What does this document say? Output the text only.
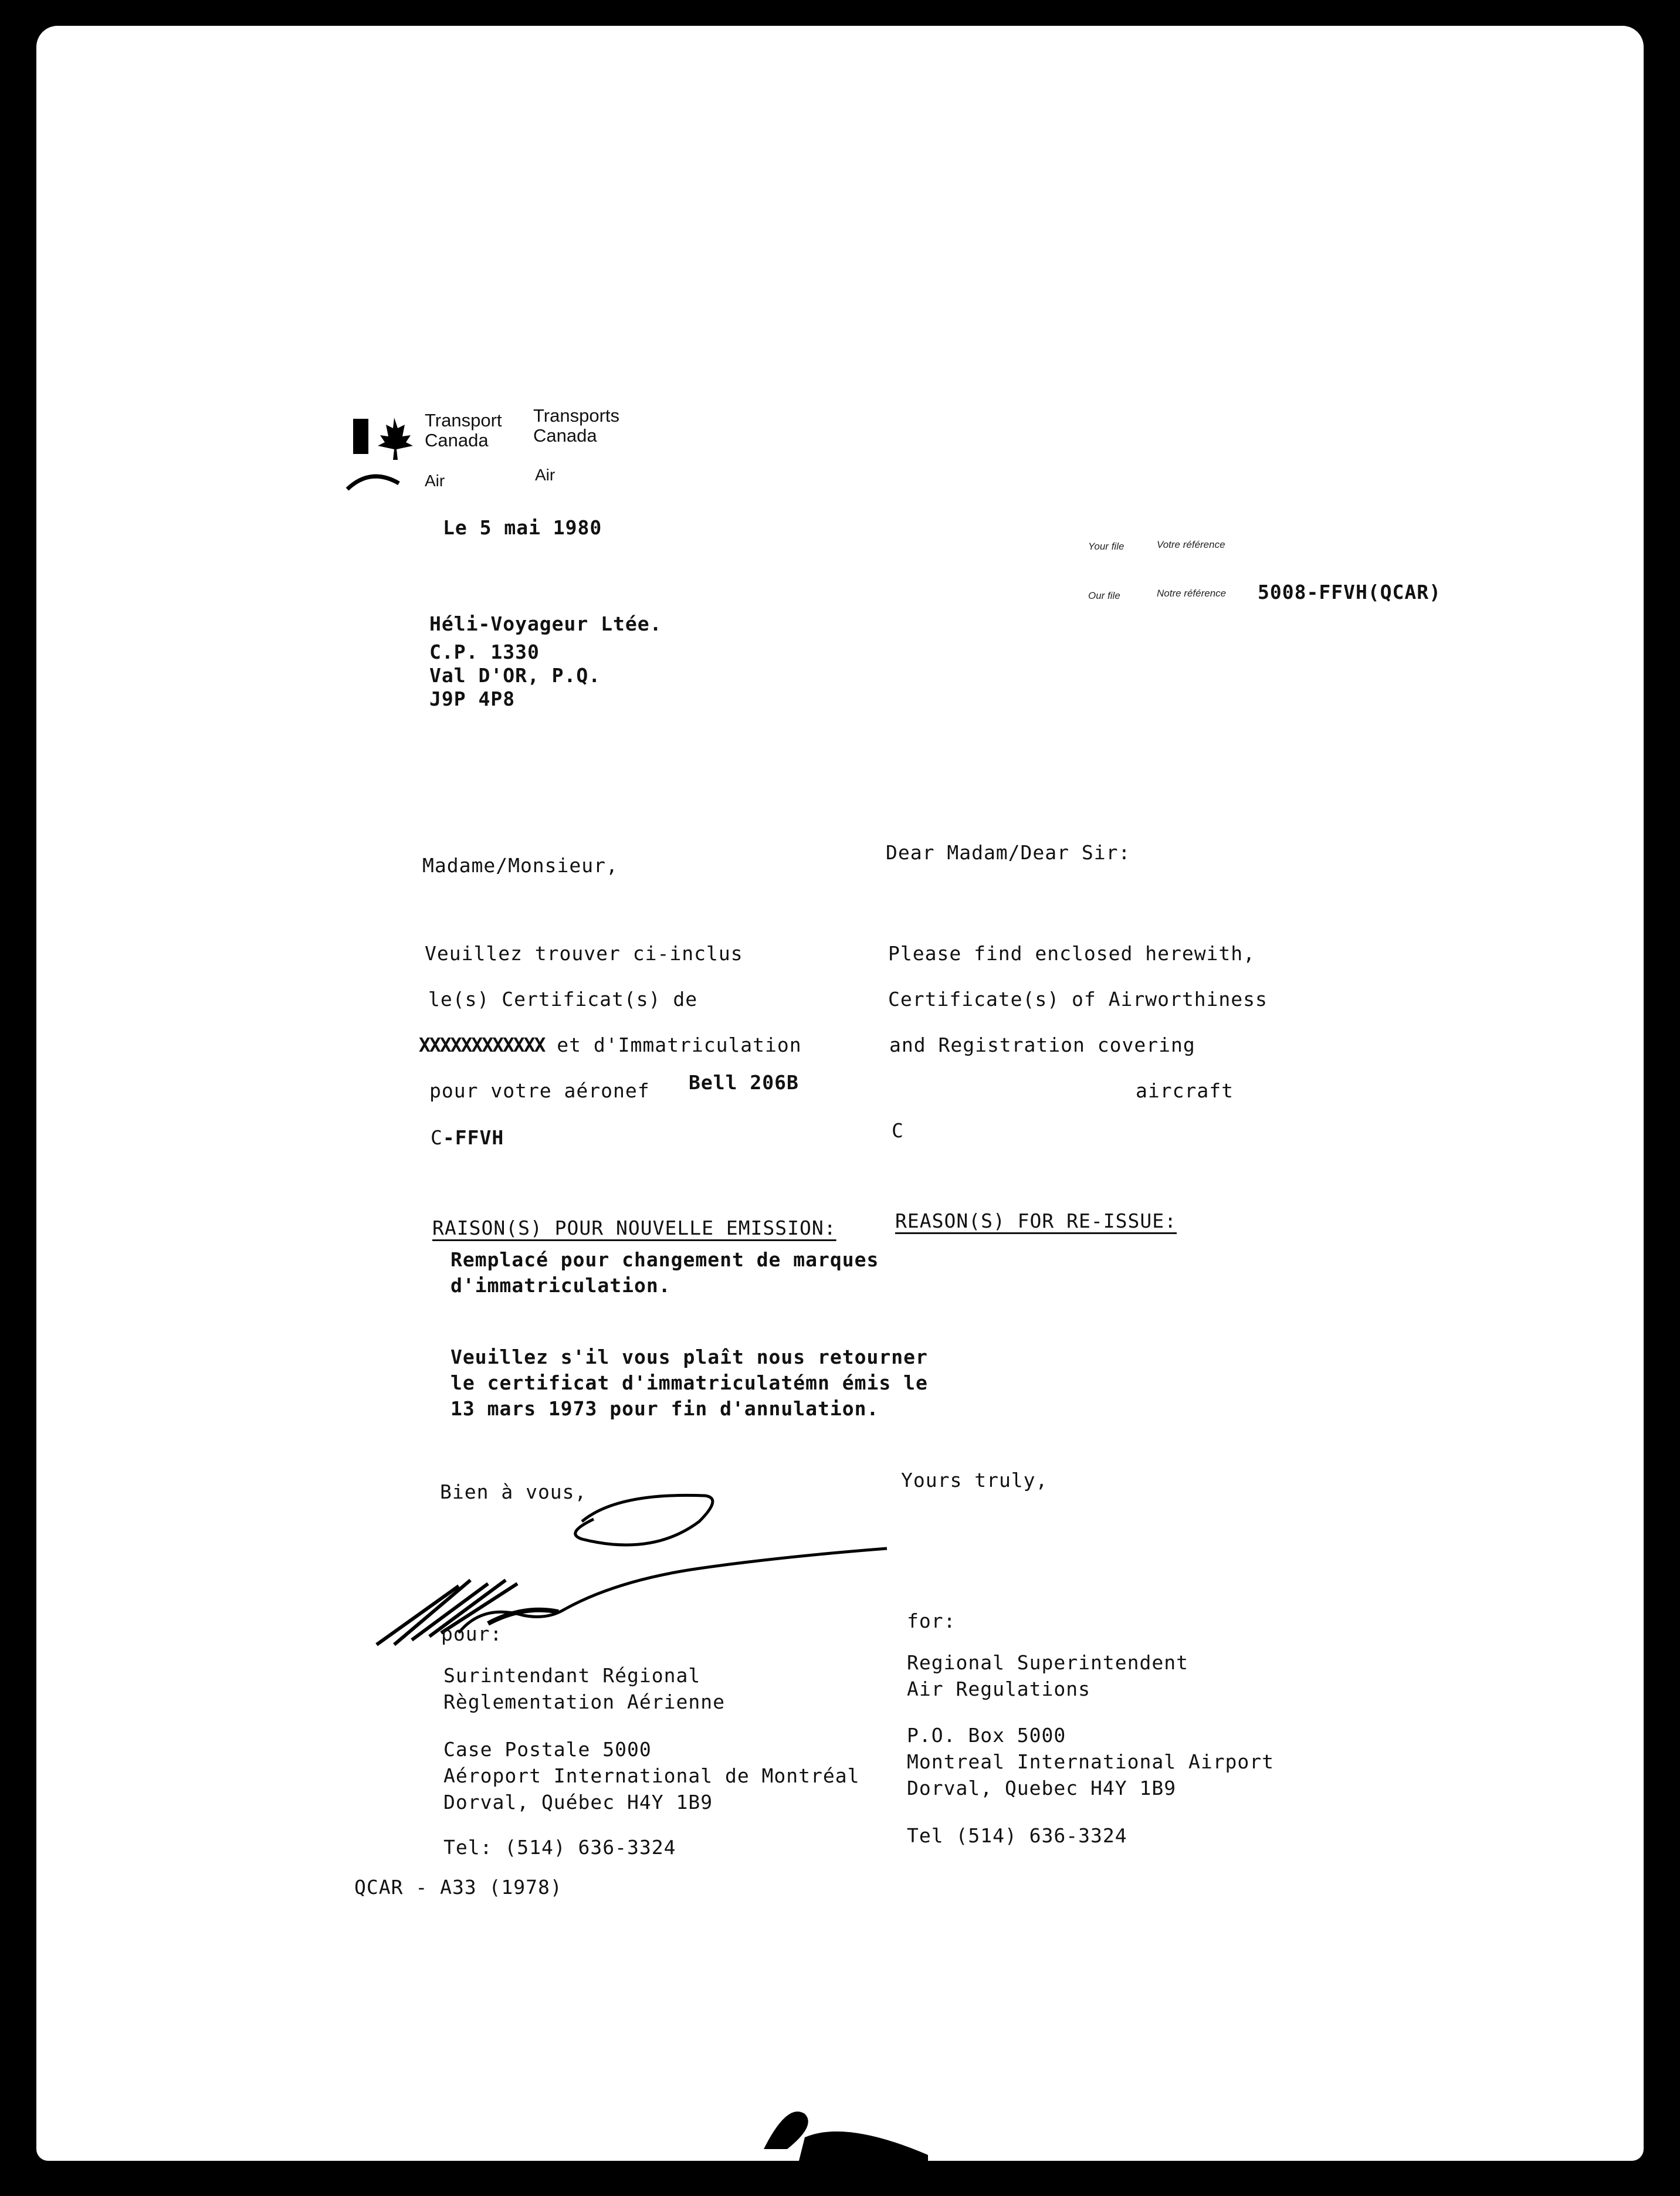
Transport
Canada
Transports
Canada
Air	Air
Le 5 mai 1980
Your file	Votre référence
Our file	Notre référence 5008-FFVH(QCAR)
Héli-Voyageur Ltée.
C.P. 1330
Val D'OR, P.Q.
J9P 4P8
Madame/Monsieur,
Dear Madam/Dear Sir:
Veuillez trouver ci-inclus
le(s) Certificat(s) de
XXXXXXXXXXXX et d'Immatriculation
pour votre aéronef Bell 206B
C-FFVH
Please find enclosed herewith,
Certificate(s) of Airworthiness
and Registration covering
aircraft
C
RAISON(S) POUR NOUVELLE EMISSION:	REASON(S) FOR RE-ISSUE:
Remplacé pour changement de marques
d'immatriculation.
Veuillez s'il vous plaît nous retourner
le certificat d'immatriculatémn émis le
13 mars 1973 pour fin d'annulation.
Bien à vous,
Yours truly,
pour:
for:
Surintendant Régional
Règlementation Aérienne
Regional Superintendent
Air Regulations
Case Postale 5000
Aéroport International de Montréal
Dorval, Québec H4Y 1B9
P.O. Box 5000
Montreal International Airport
Dorval, Quebec H4Y 1B9
Tel: (514) 636-3324
Tel (514) 636-3324
QCAR - A33 (1978)
